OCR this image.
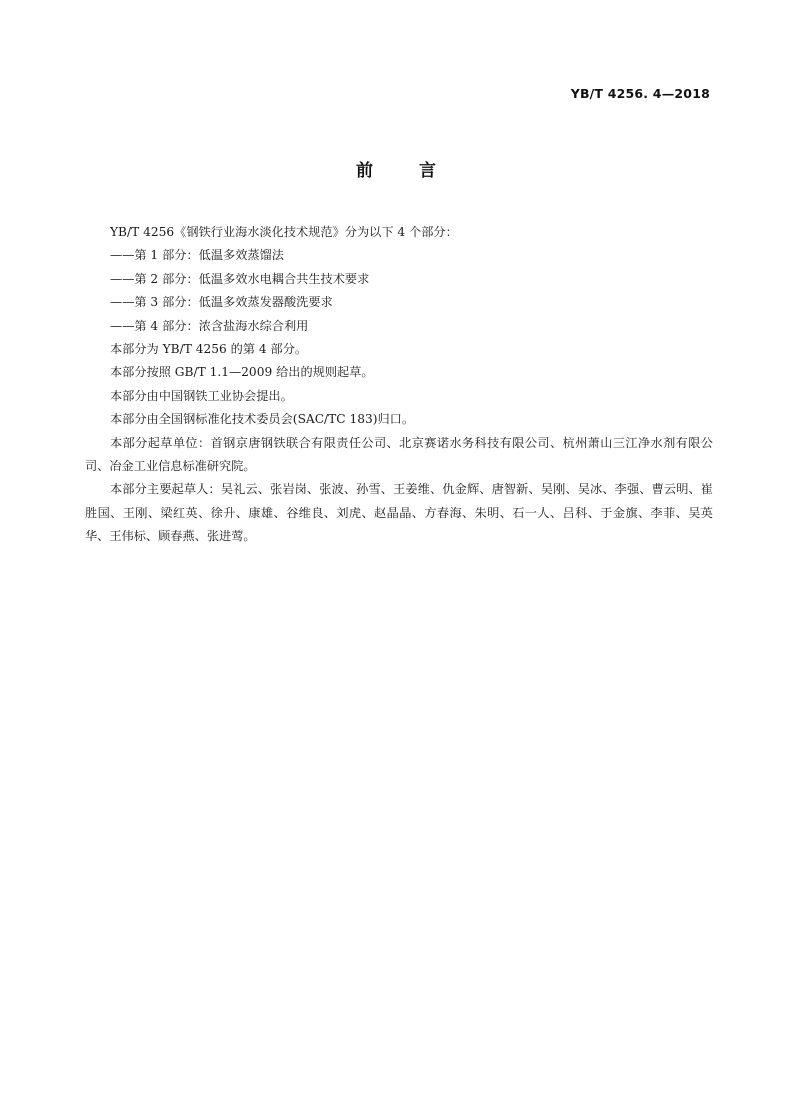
YB/T 4256. 4—2018
前言

YB/T 4256《钢铁行业海水淡化技术规范》分为以下 4 个部分：

——第 1 部分：低温多效蒸馏法

——第 2 部分：低温多效水电耦合共生技术要求

——第 3 部分：低温多效蒸发器酸洗要求

——第 4 部分：浓含盐海水综合利用

本部分为 YB/T 4256 的第 4 部分。

本部分按照 GB/T 1.1—2009 给出的规则起草。

本部分由中国钢铁工业协会提出。

本部分由全国钢标准化技术委员会(SAC/TC 183)归口。

本部分起草单位：首钢京唐钢铁联合有限责任公司、北京赛诺水务科技有限公司、杭州萧山三江净水剂有限公司、冶金工业信息标准研究院。

本部分主要起草人：吴礼云、张岩岗、张波、孙雪、王姜维、仇金辉、唐智新、吴刚、吴冰、李强、曹云明、崔胜国、王刚、梁红英、徐升、康雄、谷维良、刘虎、赵晶晶、方春海、朱明、石一人、吕科、于金旗、李菲、吴英华、王伟标、顾春燕、张进莺。
